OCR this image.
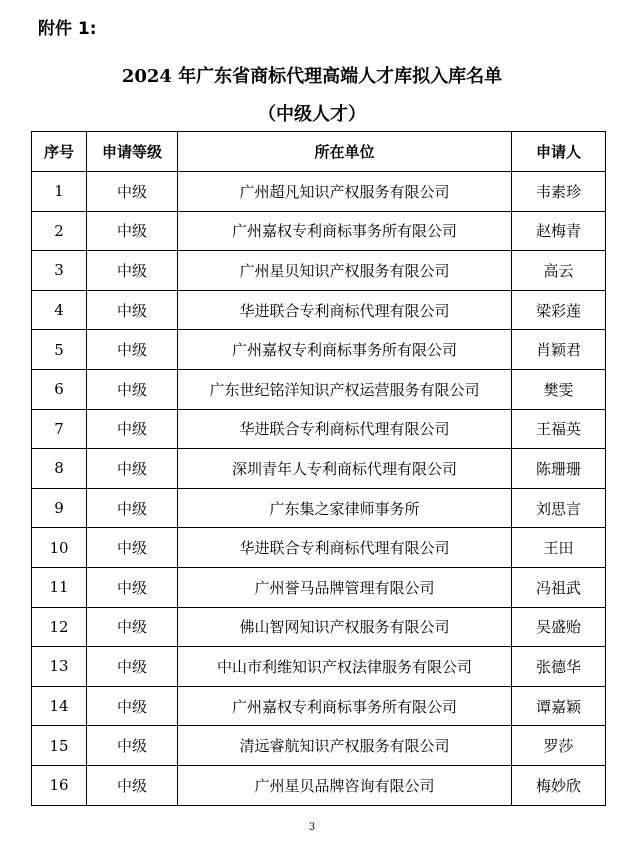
附件 1:
2024 年广东省商标代理高端人才库拟入库名单
（中级人才）
序号	申请等级	所在单位	申请人
1	中级	广州超凡知识产权服务有限公司	韦素珍
2	中级	广州嘉权专利商标事务所有限公司	赵梅青
3	中级	广州星贝知识产权服务有限公司	高云
4	中级	华进联合专利商标代理有限公司	梁彩莲
5	中级	广州嘉权专利商标事务所有限公司	肖颖君
6	中级	广东世纪铭洋知识产权运营服务有限公司	樊雯
7	中级	华进联合专利商标代理有限公司	王福英
8	中级	深圳青年人专利商标代理有限公司	陈珊珊
9	中级	广东集之家律师事务所	刘思言
10	中级	华进联合专利商标代理有限公司	王田
11	中级	广州誉马品牌管理有限公司	冯祖武
12	中级	佛山智网知识产权服务有限公司	吴盛贻
13	中级	中山市利维知识产权法律服务有限公司	张德华
14	中级	广州嘉权专利商标事务所有限公司	谭嘉颖
15	中级	清远睿航知识产权服务有限公司	罗莎
16	中级	广州星贝品牌咨询有限公司	梅妙欣
3
